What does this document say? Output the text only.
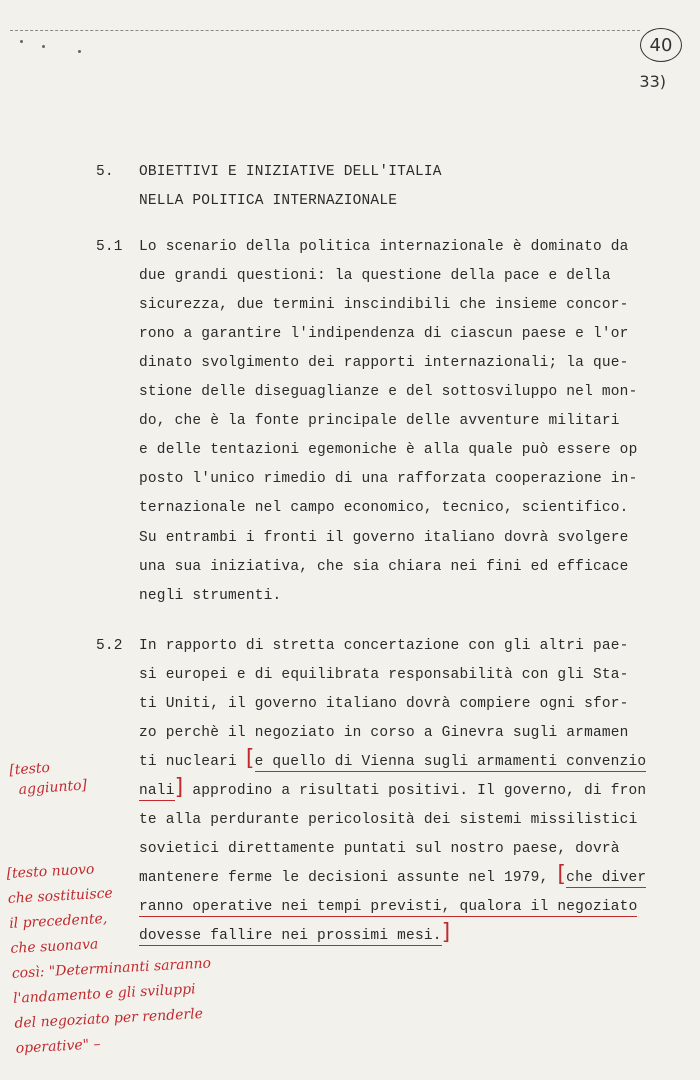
40
33)
5. OBIETTIVI E INIZIATIVE DELL'ITALIA
NELLA POLITICA INTERNAZIONALE
5.1 Lo scenario della politica internazionale è dominato da
due grandi questioni: la questione della pace e della
sicurezza, due termini inscindibili che insieme concor-
rono a garantire l'indipendenza di ciascun paese e l'or
dinato svolgimento dei rapporti internazionali; la que-
stione delle diseguaglianze e del sottosviluppo nel mon-
do, che è la fonte principale delle avventure militari
e delle tentazioni egemoniche è alla quale può essere op
posto l'unico rimedio di una rafforzata cooperazione in-
ternazionale nel campo economico, tecnico, scientifico.
Su entrambi i fronti il governo italiano dovrà svolgere
una sua iniziativa, che sia chiara nei fini ed efficace
negli strumenti.
5.2 In rapporto di stretta concertazione con gli altri pae-
si europei e di equilibrata responsabilità con gli Sta-
ti Uniti, il governo italiano dovrà compiere ogni sfor-
zo perchè il negoziato in corso a Ginevra sugli armamen
ti nucleari [e quello di Vienna sugli armamenti convenzio
nali] approdino a risultati positivi. Il governo, di fron
te alla perdurante pericolosità dei sistemi missilistici
sovietici direttamente puntati sul nostro paese, dovrà
mantenere ferme le decisioni assunte nel 1979, [che diver
ranno operative nei tempi previsti, qualora il negoziato
dovesse fallire nei prossimi mesi.]
[testo
aggiunto]
[testo nuovo
che sostituisce
il precedente,
che suonava
così: "Determinanti saranno
l'andamento e gli sviluppi
del negoziato per renderle
operative" –
